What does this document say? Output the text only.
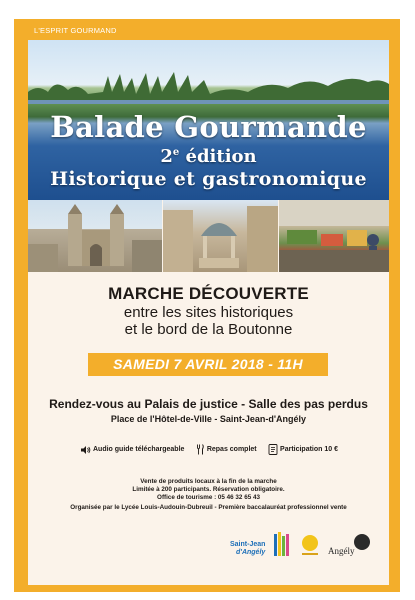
L'ESPRIT GOURMAND
Balade Gourmande
2e édition
Historique et gastronomique
MARCHE DÉCOUVERTE
entre les sites historiques
et le bord de la Boutonne
SAMEDI 7 AVRIL 2018 - 11H
Rendez-vous au Palais de justice - Salle des pas perdus
Place de l'Hôtel-de-Ville - Saint-Jean-d'Angély
Audio guide téléchargeable	Repas complet	Participation 10 €
Vente de produits locaux à la fin de la marche
Limitée à 200 participants. Réservation obligatoire.
Office de tourisme : 05 46 32 65 43
Organisée par le Lycée Louis-Audouin-Dubreuil - Première baccalauréat professionnel vente
Saint-Jean
d'Angély	Angély
